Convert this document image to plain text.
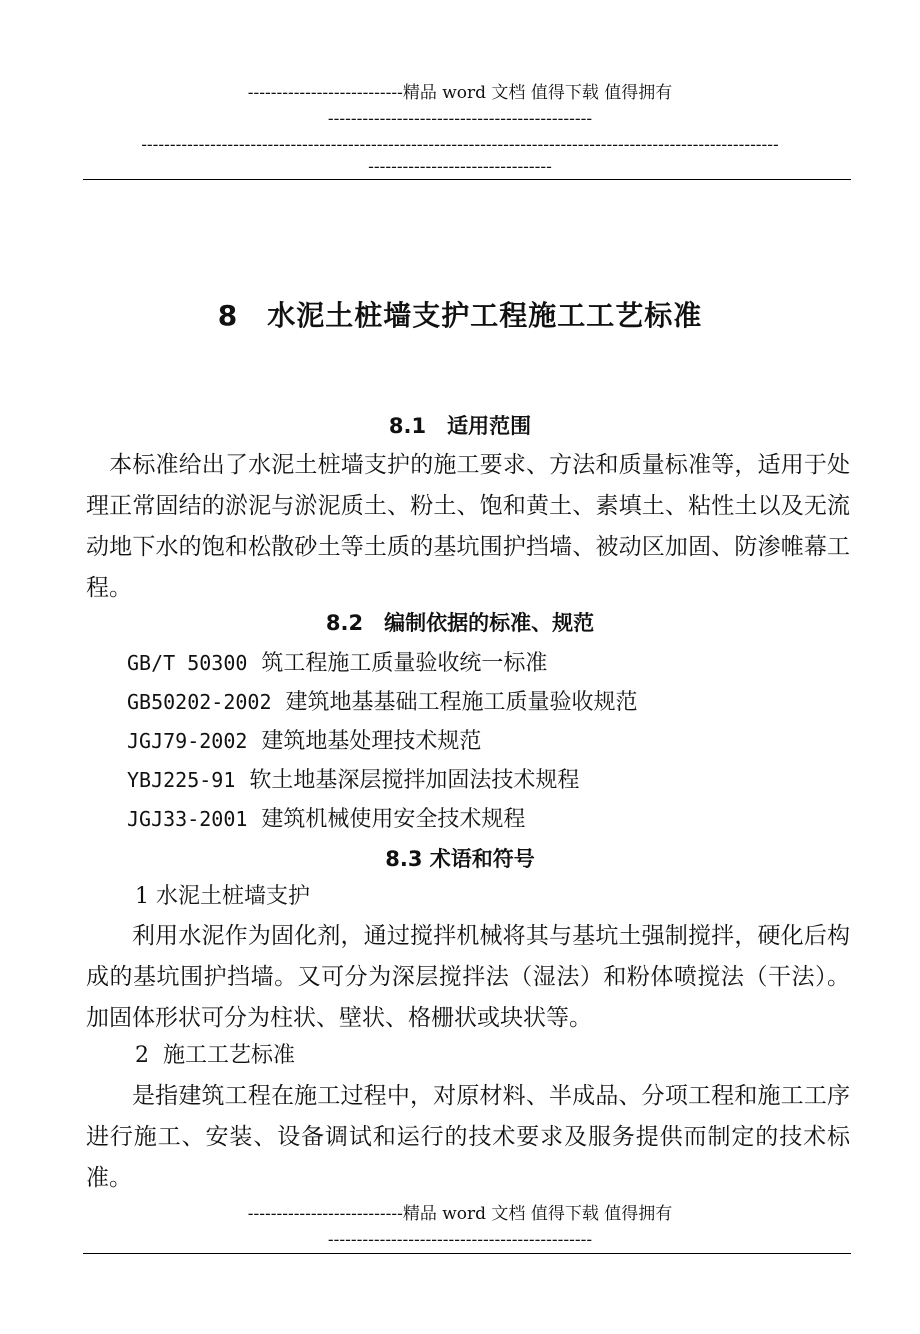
---------------------------精品 word 文档 值得下载 值得拥有
----------------------------------------------
---------------------------------------------------------------------------------------------------------------
--------------------------------
8　水泥土桩墙支护工程施工工艺标准
8.1　适用范围

　本标准给出了水泥土桩墙支护的施工要求、方法和质量标准等，适用于处理正常固结的淤泥与淤泥质土、粉土、饱和黄土、素填土、粘性土以及无流动地下水的饱和松散砂土等土质的基坑围护挡墙、被动区加固、防渗帷幕工程。

8.2　编制依据的标准、规范
GB/T 50300  筑工程施工质量验收统一标准
GB50202-2002  建筑地基基础工程施工质量验收规范
JGJ79-2002  建筑地基处理技术规范
YBJ225-91  软土地基深层搅拌加固法技术规程
JGJ33-2001  建筑机械使用安全技术规程
8.3 术语和符号
1 水泥土桩墙支护

利用水泥作为固化剂，通过搅拌机械将其与基坑土强制搅拌，硬化后构成的基坑围护挡墙。又可分为深层搅拌法（湿法）和粉体喷搅法（干法）。加固体形状可分为柱状、壁状、格栅状或块状等。

2  施工工艺标准

是指建筑工程在施工过程中，对原材料、半成品、分项工程和施工工序进行施工、安装、设备调试和运行的技术要求及服务提供而制定的技术标准。

---------------------------精品 word 文档 值得下载 值得拥有
----------------------------------------------
